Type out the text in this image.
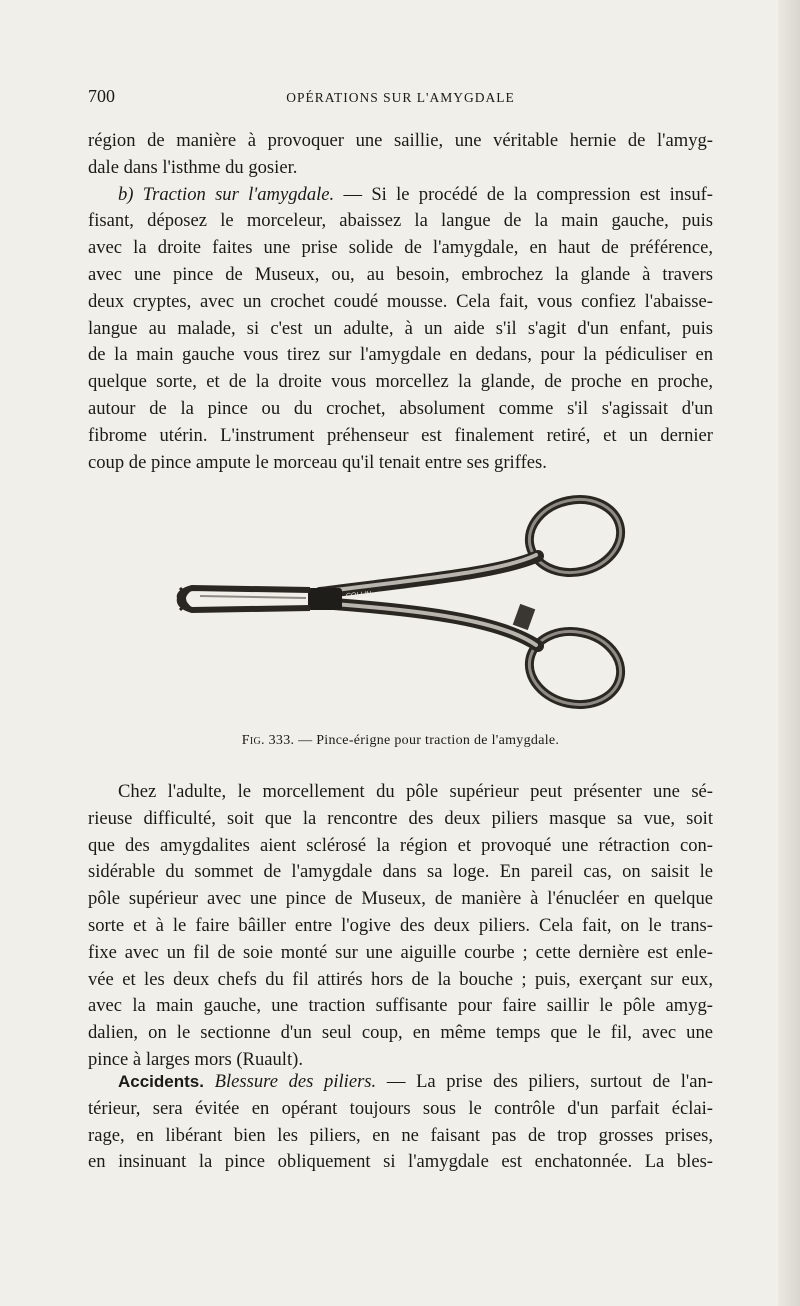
700	OPÉRATIONS SUR L'AMYGDALE
région de manière à provoquer une saillie, une véritable hernie de l'amyg-
dale dans l'isthme du gosier.
b) Traction sur l'amygdale. — Si le procédé de la compression est insuf-
fisant, déposez le morceleur, abaissez la langue de la main gauche, puis
avec la droite faites une prise solide de l'amygdale, en haut de préférence,
avec une pince de Museux, ou, au besoin, embrochez la glande à travers
deux cryptes, avec un crochet coudé mousse. Cela fait, vous confiez l'abaisse-
langue au malade, si c'est un adulte, à un aide s'il s'agit d'un enfant, puis
de la main gauche vous tirez sur l'amygdale en dedans, pour la pédiculiser en
quelque sorte, et de la droite vous morcellez la glande, de proche en proche,
autour de la pince ou du crochet, absolument comme s'il s'agissait d'un
fibrome utérin. L'instrument préhenseur est finalement retiré, et un dernier
coup de pince ampute le morceau qu'il tenait entre ses griffes.
COLLIN
Fig. 333. — Pince-érigne pour traction de l'amygdale.
Chez l'adulte, le morcellement du pôle supérieur peut présenter une sé-
rieuse difficulté, soit que la rencontre des deux piliers masque sa vue, soit
que des amygdalites aient sclérosé la région et provoqué une rétraction con-
sidérable du sommet de l'amygdale dans sa loge. En pareil cas, on saisit le
pôle supérieur avec une pince de Museux, de manière à l'énucléer en quelque
sorte et à le faire bâiller entre l'ogive des deux piliers. Cela fait, on le trans-
fixe avec un fil de soie monté sur une aiguille courbe ; cette dernière est enle-
vée et les deux chefs du fil attirés hors de la bouche ; puis, exerçant sur eux,
avec la main gauche, une traction suffisante pour faire saillir le pôle amyg-
dalien, on le sectionne d'un seul coup, en même temps que le fil, avec une
pince à larges mors (Ruault).
Accidents. Blessure des piliers. — La prise des piliers, surtout de l'an-
térieur, sera évitée en opérant toujours sous le contrôle d'un parfait éclai-
rage, en libérant bien les piliers, en ne faisant pas de trop grosses prises,
en insinuant la pince obliquement si l'amygdale est enchatonnée. La bles-
